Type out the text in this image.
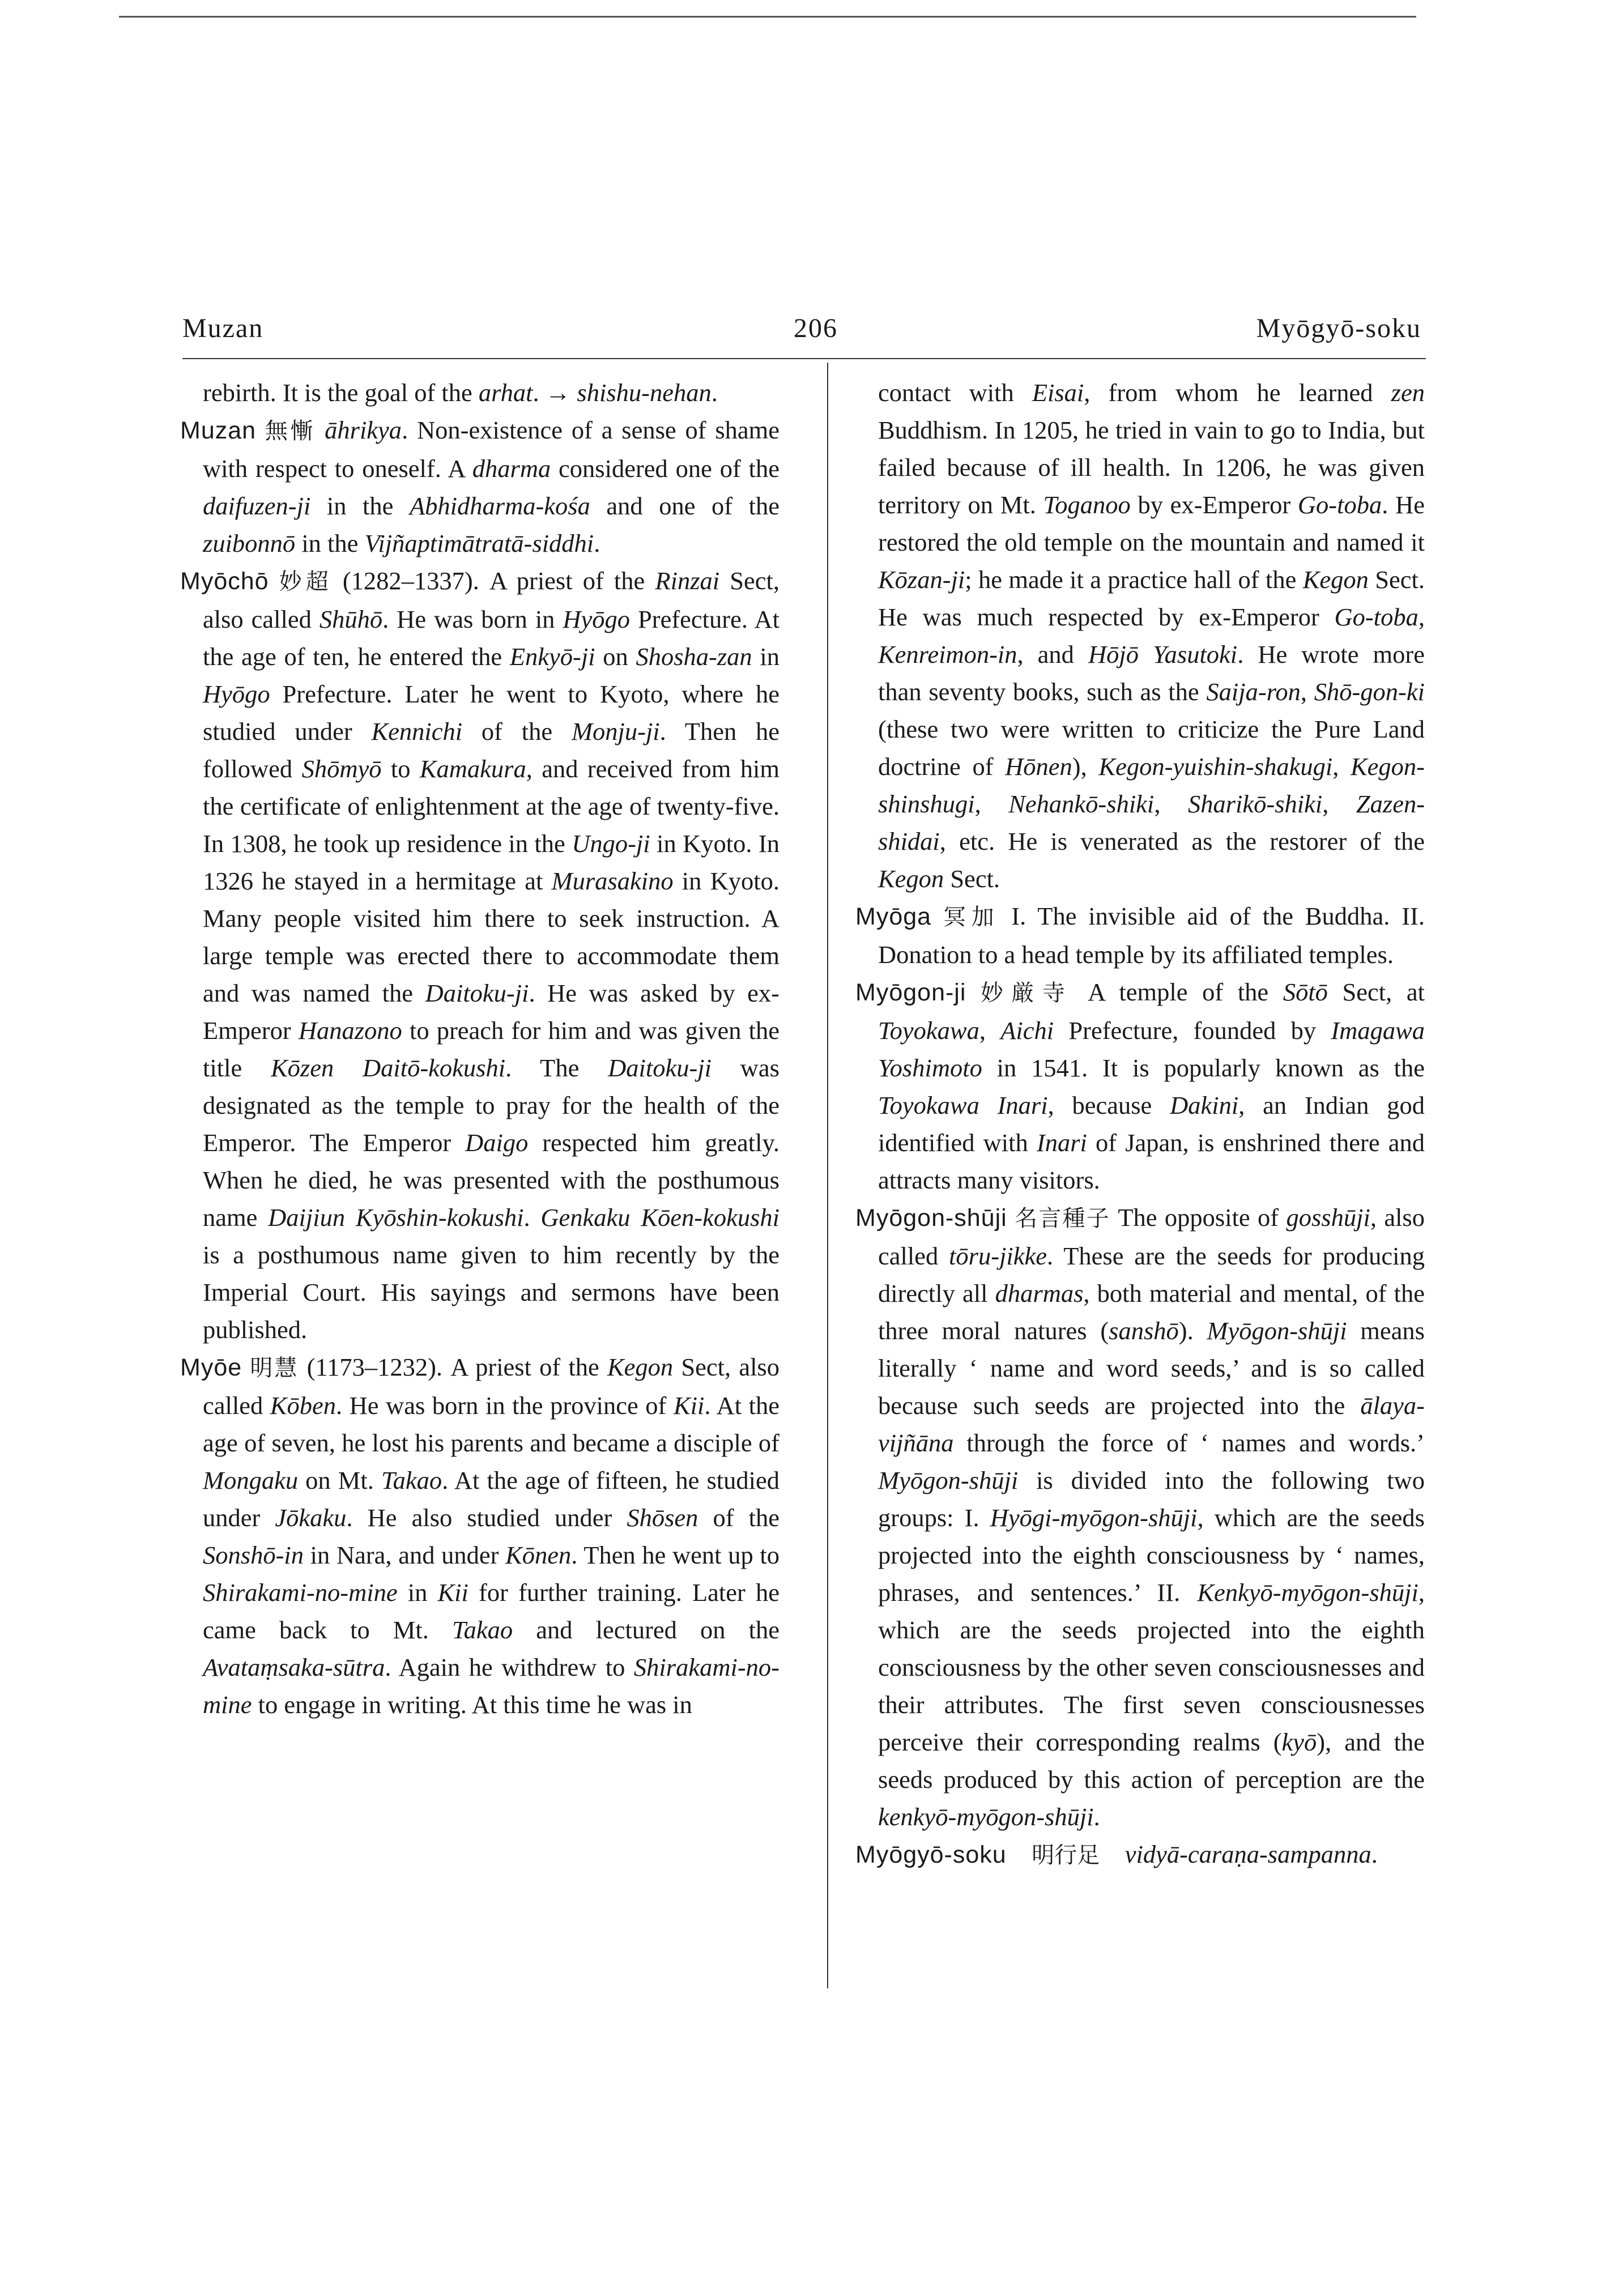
Muzan	206	Myōgyō-soku

rebirth. It is the goal of the arhat. → shishu-nehan.

Muzan 無慚 āhrikya. Non-existence of a sense of shame with respect to oneself. A dharma considered one of the daifuzen-ji in the Abhidharma-kośa and one of the zuibonnō in the Vijñaptimātratā-siddhi.

Myōchō 妙超 (1282–1337). A priest of the Rinzai Sect, also called Shūhō. He was born in Hyōgo Prefecture. At the age of ten, he entered the Enkyō-ji on Shosha-zan in Hyōgo Prefecture. Later he went to Kyoto, where he studied under Kennichi of the Monju-ji. Then he followed Shōmyō to Kamakura, and received from him the certificate of enlightenment at the age of twenty-five. In 1308, he took up residence in the Ungo-ji in Kyoto. In 1326 he stayed in a hermitage at Murasakino in Kyoto. Many people visited him there to seek instruction. A large temple was erected there to accommodate them and was named the Daitoku-ji. He was asked by ex-Emperor Hanazono to preach for him and was given the title Kōzen Daitō-kokushi. The Daitoku-ji was designated as the temple to pray for the health of the Emperor. The Emperor Daigo respected him greatly. When he died, he was presented with the posthumous name Daijiun Kyōshin-kokushi. Genkaku Kōen-kokushi is a posthumous name given to him recently by the Imperial Court. His sayings and sermons have been published.

Myōe 明慧 (1173–1232). A priest of the Kegon Sect, also called Kōben. He was born in the province of Kii. At the age of seven, he lost his parents and became a disciple of Mongaku on Mt. Takao. At the age of fifteen, he studied under Jōkaku. He also studied under Shōsen of the Sonshō-in in Nara, and under Kōnen. Then he went up to Shirakami-no-mine in Kii for further training. Later he came back to Mt. Takao and lectured on the Avataṃsaka-sūtra. Again he withdrew to Shirakami-no-mine to engage in writing. At this time he was in

contact with Eisai, from whom he learned zen Buddhism. In 1205, he tried in vain to go to India, but failed because of ill health. In 1206, he was given territory on Mt. Toganoo by ex-Emperor Go-toba. He restored the old temple on the mountain and named it Kōzan-ji; he made it a practice hall of the Kegon Sect. He was much respected by ex-Emperor Go-toba, Kenreimon-in, and Hōjō Yasutoki. He wrote more than seventy books, such as the Saija-ron, Shō-gon-ki (these two were written to criticize the Pure Land doctrine of Hōnen), Kegon-yuishin-shakugi, Kegon-shinshugi, Nehankō-shiki, Sharikō-shiki, Zazen-shidai, etc. He is venerated as the restorer of the Kegon Sect.

Myōga 冥加 I. The invisible aid of the Buddha. II. Donation to a head temple by its affiliated temples.

Myōgon-ji 妙厳寺 A temple of the Sōtō Sect, at Toyokawa, Aichi Prefecture, founded by Imagawa Yoshimoto in 1541. It is popularly known as the Toyokawa Inari, because Dakini, an Indian god identified with Inari of Japan, is enshrined there and attracts many visitors.

Myōgon-shūji 名言種子 The opposite of gosshūji, also called tōru-jikke. These are the seeds for producing directly all dharmas, both material and mental, of the three moral natures (sanshō). Myōgon-shūji means literally ‘ name and word seeds,’ and is so called because such seeds are projected into the ālaya-vijñāna through the force of ‘ names and words.’ Myōgon-shūji is divided into the following two groups: I. Hyōgi-myōgon-shūji, which are the seeds projected into the eighth consciousness by ‘ names, phrases, and sentences.’ II. Kenkyō-myōgon-shūji, which are the seeds projected into the eighth consciousness by the other seven consciousnesses and their attributes. The first seven consciousnesses perceive their corresponding realms (kyō), and the seeds produced by this action of perception are the kenkyō-myōgon-shūji.

Myōgyō-soku 明行足 vidyā-caraṇa-sampanna.
